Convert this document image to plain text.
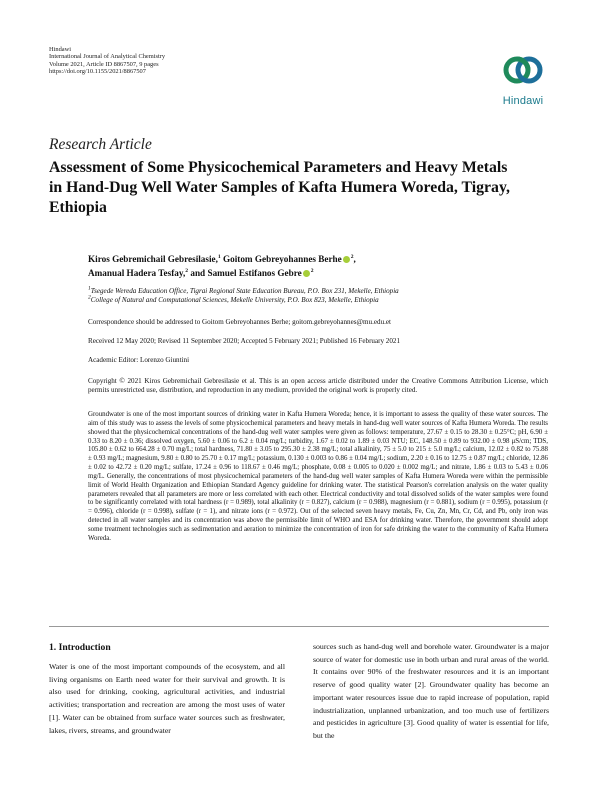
Hindawi
International Journal of Analytical Chemistry
Volume 2021, Article ID 8867507, 9 pages
https://doi.org/10.1155/2021/8867507
Hindawi
Research Article
Assessment of Some Physicochemical Parameters and Heavy Metals in Hand-Dug Well Water Samples of Kafta Humera Woreda, Tigray, Ethiopia
Kiros Gebremichail Gebresilasie,$^1$ Goitom Gebreyohannes Berhe $^2$,
Amanual Hadera Tesfay,$^2$ and Samuel Estifanos Gebre $^2$
$^1$Tsegede Wereda Education Office, Tigrai Regional State Education Bureau, P.O. Box 231, Mekelle, Ethiopia
$^2$College of Natural and Computational Sciences, Mekelle University, P.O. Box 823, Mekelle, Ethiopia
Correspondence should be addressed to Goitom Gebreyohannes Berhe; goitom.gebreyohannes@mu.edu.et
Received 12 May 2020; Revised 11 September 2020; Accepted 5 February 2021; Published 16 February 2021
Academic Editor: Lorenzo Giuntini
Copyright © 2021 Kiros Gebremichail Gebresilasie et al. This is an open access article distributed under the Creative Commons Attribution License, which permits unrestricted use, distribution, and reproduction in any medium, provided the original work is properly cited.
Groundwater is one of the most important sources of drinking water in Kafta Humera Woreda; hence, it is important to assess the quality of these water sources. The aim of this study was to assess the levels of some physicochemical parameters and heavy metals in hand-dug well water sources of Kafta Humera Woreda. The results showed that the physicochemical concentrations of the hand-dug well water samples were given as follows: temperature, 27.67 ± 0.15 to 28.30 ± 0.25°C; pH, 6.90 ± 0.33 to 8.20 ± 0.36; dissolved oxygen, 5.60 ± 0.06 to 6.2 ± 0.04 mg/L; turbidity, 1.67 ± 0.02 to 1.89 ± 0.03 NTU; EC, 148.50 ± 0.89 to 932.00 ± 0.98 μS/cm; TDS, 105.80 ± 0.62 to 664.28 ± 0.70 mg/L; total hardness, 71.80 ± 3.05 to 295.30 ± 2.38 mg/L; total alkalinity, 75 ± 5.0 to 215 ± 5.0 mg/L; calcium, 12.02 ± 0.82 to 75.88 ± 0.93 mg/L; magnesium, 9.80 ± 0.80 to 25.70 ± 0.17 mg/L; potassium, 0.130 ± 0.003 to 0.86 ± 0.04 mg/L; sodium, 2.20 ± 0.16 to 12.75 ± 0.87 mg/L; chloride, 12.86 ± 0.02 to 42.72 ± 0.20 mg/L; sulfate, 17.24 ± 0.96 to 118.67 ± 0.46 mg/L; phosphate, 0.08 ± 0.005 to 0.020 ± 0.002 mg/L; and nitrate, 1.86 ± 0.03 to 5.43 ± 0.06 mg/L. Generally, the concentrations of most physicochemical parameters of the hand-dug well water samples of Kafta Humera Woreda were within the permissible limit of World Health Organization and Ethiopian Standard Agency guideline for drinking water. The statistical Pearson's correlation analysis on the water quality parameters revealed that all parameters are more or less correlated with each other. Electrical conductivity and total dissolved solids of the water samples were found to be significantly correlated with total hardness (r = 0.989), total alkalinity (r = 0.827), calcium (r = 0.988), magnesium (r = 0.881), sodium (r = 0.995), potassium (r = 0.996), chloride (r = 0.998), sulfate (r = 1), and nitrate ions (r = 0.972). Out of the selected seven heavy metals, Fe, Cu, Zn, Mn, Cr, Cd, and Pb, only iron was detected in all water samples and its concentration was above the permissible limit of WHO and ESA for drinking water. Therefore, the government should adopt some treatment technologies such as sedimentation and aeration to minimize the concentration of iron for safe drinking the water to the community of Kafta Humera Woreda.
1. Introduction
Water is one of the most important compounds of the ecosystem, and all living organisms on Earth need water for their survival and growth. It is also used for drinking, cooking, agricultural activities, and industrial activities; transportation and recreation are among the most uses of water [1]. Water can be obtained from surface water sources such as freshwater, lakes, rivers, streams, and groundwater
sources such as hand-dug well and borehole water. Groundwater is a major source of water for domestic use in both urban and rural areas of the world. It contains over 90% of the freshwater resources and it is an important reserve of good quality water [2]. Groundwater quality has become an important water resources issue due to rapid increase of population, rapid industrialization, unplanned urbanization, and too much use of fertilizers and pesticides in agriculture [3]. Good quality of water is essential for life, but the
